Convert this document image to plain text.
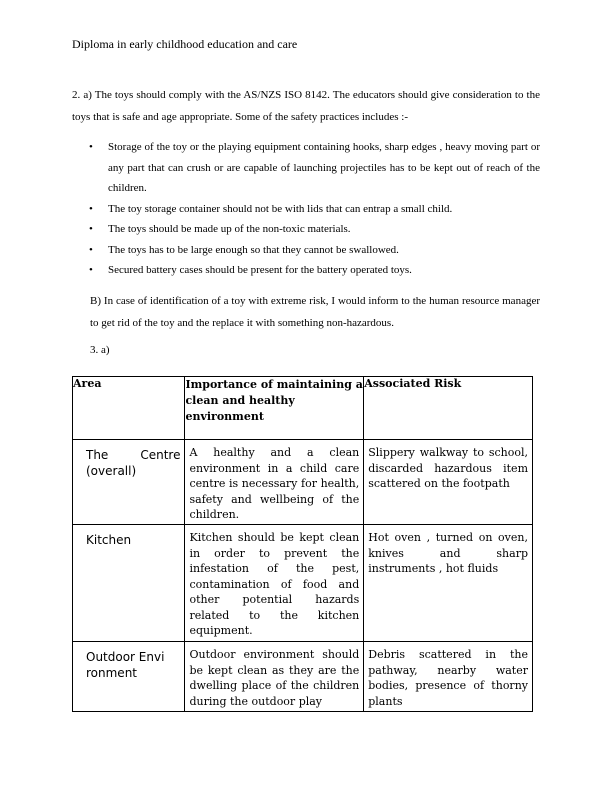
Diploma in early childhood education and care
2. a) The toys should comply with the AS/NZS ISO 8142. The educators should give consideration to the toys that is safe and age appropriate. Some of the safety practices includes :-
• Storage of the toy or the playing equipment containing hooks, sharp edges , heavy moving part or any part that can crush or are capable of launching projectiles has to be kept out of reach of the children.
• The toy storage container should not be with lids that can entrap a small child.
• The toys should be made up of the non-toxic materials.
• The toys has to be large enough so that they cannot be swallowed.
• Secured battery cases should be present for the battery operated toys.
B) In case of identification of a toy with extreme risk, I would inform to the human resource manager to get rid of the toy and the replace it with something non-hazardous.
3. a)
Area	Importance of maintaining a clean and healthy environment	Associated Risk

The Centre (overall)	A healthy and a clean environment in a child care centre is necessary for health, safety and wellbeing of the children.	Slippery walkway to school, discarded hazardous item scattered on the footpath

Kitchen	Kitchen should be kept clean in order to prevent the infestation of the pest, contamination of food and other potential hazards related to the kitchen equipment.	Hot oven , turned on oven, knives and sharp instruments , hot fluids

Outdoor Environment	Outdoor environment should be kept clean as they are the dwelling place of the children during the outdoor play	Debris scattered in the pathway, nearby water bodies, presence of thorny plants
